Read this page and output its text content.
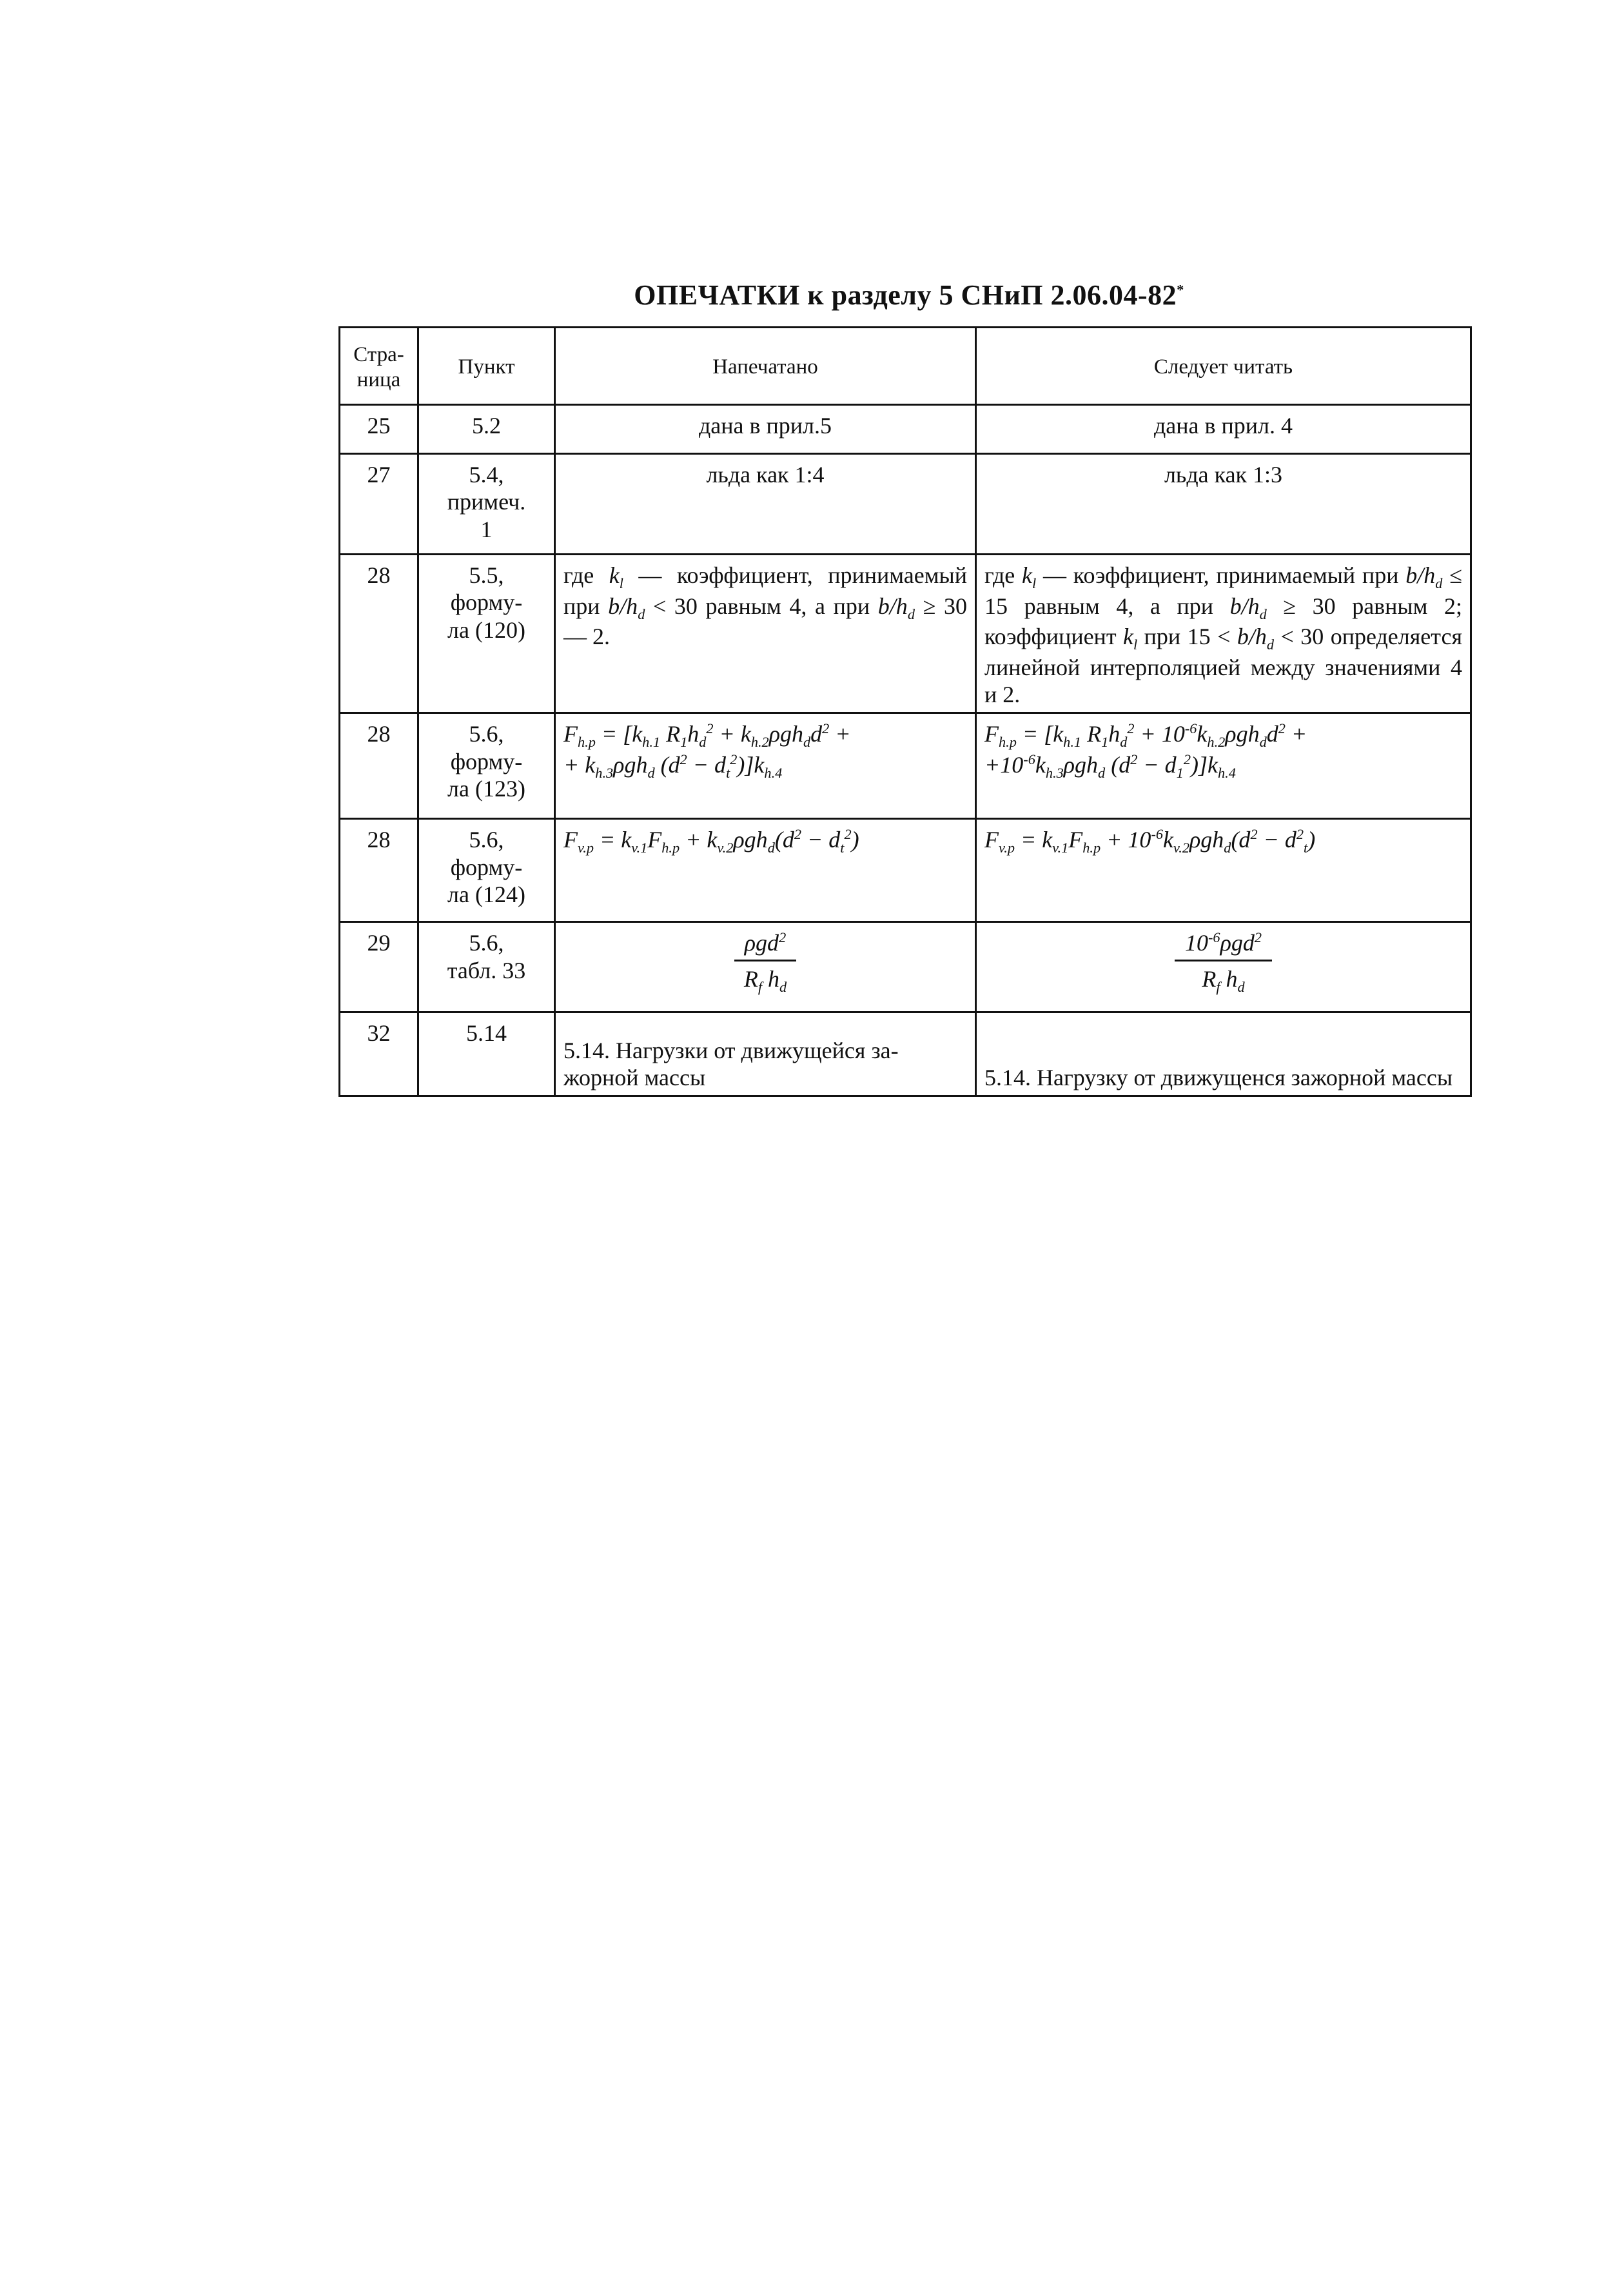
ОПЕЧАТКИ к разделу 5 СНиП 2.06.04-82*
Стра-
ница	Пункт	Напечатано	Следует читать
25	5.2	дана в прил.5	дана в прил. 4
27	5.4,
примеч.
1	льда как 1:4	льда как 1:3
28	5.5,
форму-
ла (120)	где $k_l$ — коэффициент, принимаемый при $b/h_d < 30$ равным 4, а при $b/h_d \ge 30$ — 2.	где $k_l$ — коэффициент, принимаемый при $b/h_d \le 15$ равным 4, а при $b/h_d \ge 30$ равным 2; коэффициент $k_l$ при $15 < b/h_d < 30$ определяется линейной интерполяцией между значениями 4 и 2.
28	5.6,
форму-
ла (123)	$F_{h.p} = [k_{h.1}$ $R_1h_d^2 + k_{h.2}\rho gh_dd^2$ +
+ $k_{h.3}\rho gh_d$ $(d^2 - d_t^2)]k_{h.4}$	$F_{h.p} = [k_{h.1}$ $R_1h_d^2 + 10^{-6}k_{h.2}\rho gh_dd^2$ +
$+10^{-6}k_{h.3}\rho gh_d$ $(d^2 - d_1^2)]k_{h.4}$
28	5.6,
форму-
ла (124)	$F_{v.p} = k_{v.1}F_{h.p} + k_{v.2}\rho gh_d(d^2 - d_t^2)$	$F_{v.p} = k_{v.1}F_{h.p} + 10^{-6}k_{v.2}\rho gh_d(d^2 - d^2_t)$
29	5.6,
табл. 33	$\frac{\rho gd^2}{R_f h_d}$	$\frac{10^{-6}\rho gd^2}{R_f h_d}$

32	5.14	5.14. Нагрузки от движущейся за-
жорной массы	5.14. Нагрузку от движущенся зажорной массы
